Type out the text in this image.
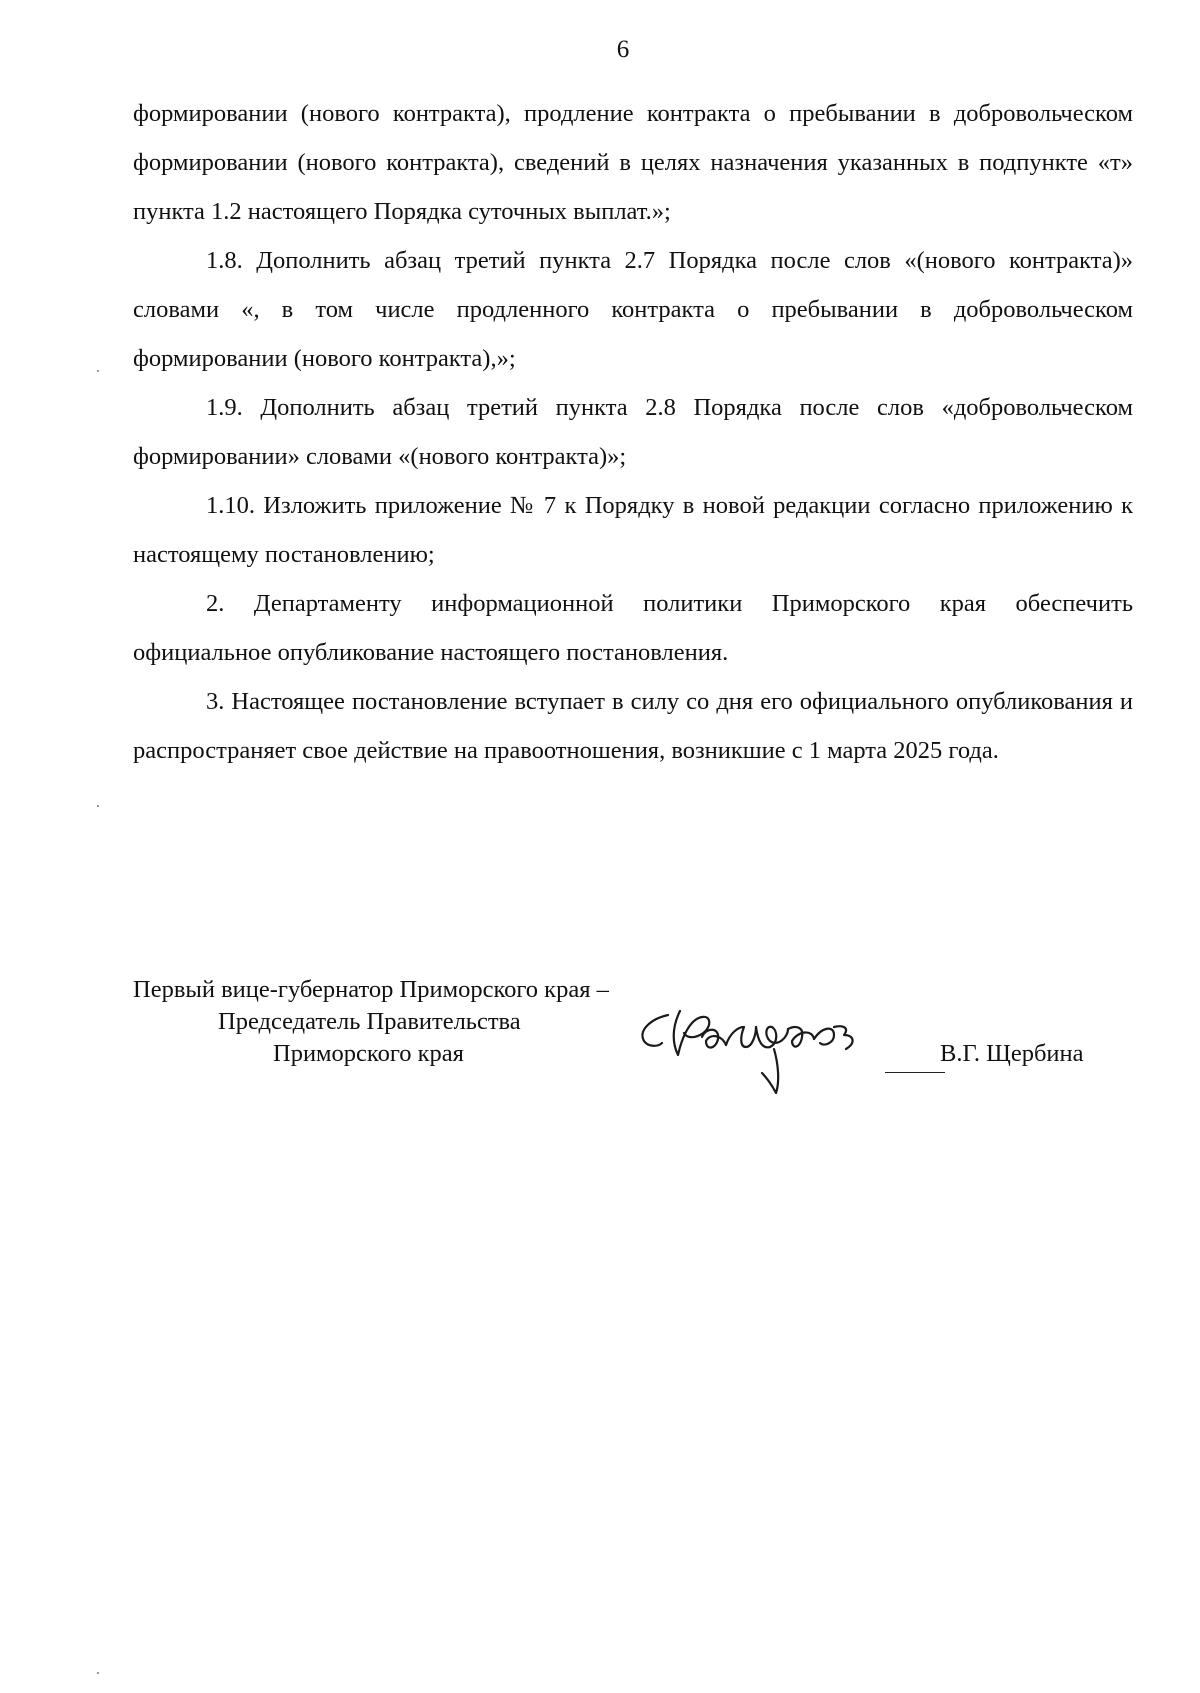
6

формировании (нового контракта), продление контракта о пребывании в добровольческом формировании (нового контракта), сведений в целях назначения указанных в подпункте «т» пункта 1.2 настоящего Порядка суточных выплат.»;

1.8. Дополнить абзац третий пункта 2.7 Порядка после слов «(нового контракта)» словами «, в том числе продленного контракта о пребывании в добровольческом формировании (нового контракта),»;

1.9. Дополнить абзац третий пункта 2.8 Порядка после слов «добровольческом формировании» словами «(нового контракта)»;

1.10. Изложить приложение № 7 к Порядку в новой редакции согласно приложению к настоящему постановлению;

2. Департаменту информационной политики Приморского края обеспечить официальное опубликование настоящего постановления.

3. Настоящее постановление вступает в силу со дня его официального опубликования и распространяет свое действие на правоотношения, возникшие с 1 марта 2025 года.

Первый вице-губернатор Приморского края –
Председатель Правительства
Приморского края	В.Г. Щербина
